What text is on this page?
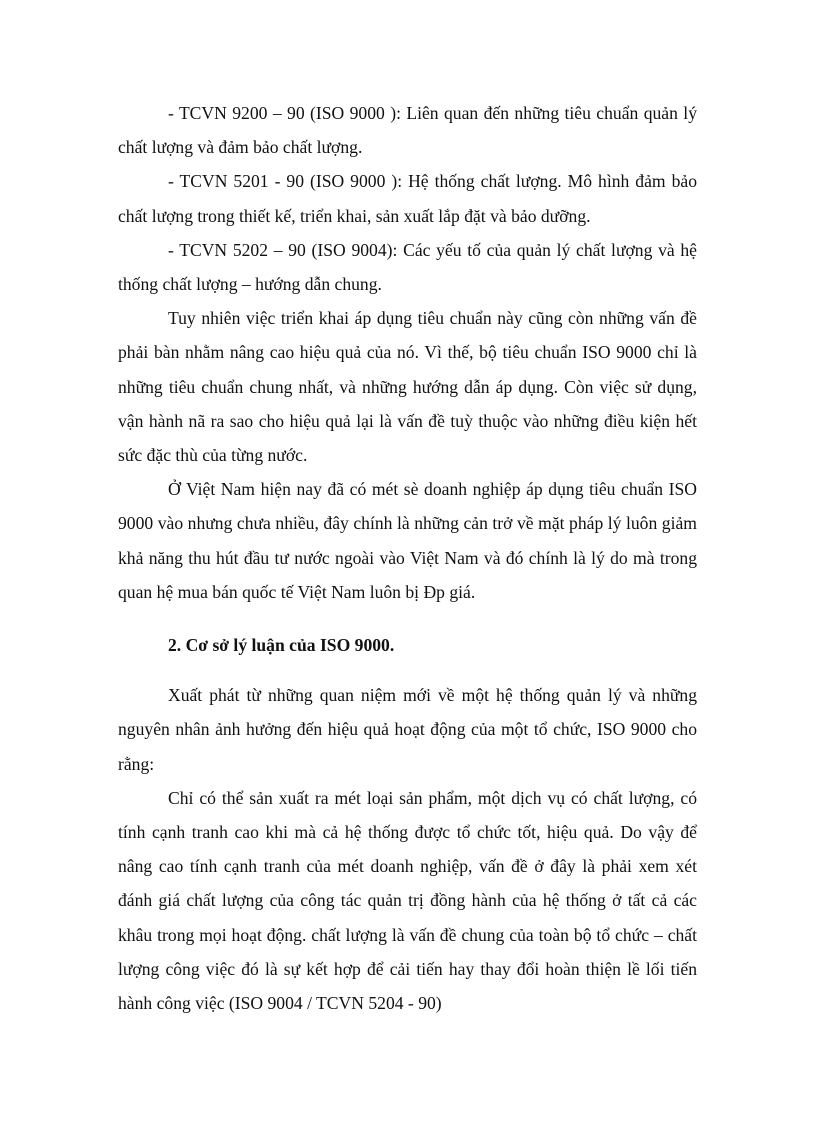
- TCVN 9200 – 90 (ISO 9000 ): Liên quan đến những tiêu chuẩn quản lý chất lượng và đảm bảo chất lượng.

- TCVN 5201 - 90 (ISO 9000 ): Hệ thống chất lượng. Mô hình đảm bảo chất lượng trong thiết kế, triển khai, sản xuất lắp đặt và bảo dưỡng.

- TCVN 5202 – 90 (ISO 9004): Các yếu tố của quản lý chất lượng và hệ thống chất lượng – hướng dẫn chung.

Tuy nhiên việc triển khai áp dụng tiêu chuẩn này cũng còn những vấn đề phải bàn nhằm nâng cao hiệu quả của nó. Vì thế, bộ tiêu chuẩn ISO 9000 chỉ là những tiêu chuẩn chung nhất, và những hướng dẫn áp dụng. Còn việc sử dụng, vận hành nã ra sao cho hiệu quả lại là vấn đề tuỳ thuộc vào những điều kiện hết sức đặc thù của từng nước.

Ở Việt Nam hiện nay đã có mét sè doanh nghiệp áp dụng tiêu chuẩn ISO 9000 vào nhưng chưa nhiều, đây chính là những cản trở về mặt pháp lý luôn giảm khả năng thu hút đầu tư nước ngoài vào Việt Nam và đó chính là lý do mà trong quan hệ mua bán quốc tế Việt Nam luôn bị Ðp giá.

2. Cơ sở lý luận của ISO 9000.

Xuất phát từ những quan niệm mới về một hệ thống quản lý và những nguyên nhân ảnh hưởng đến hiệu quả hoạt động của một tổ chức, ISO 9000 cho rằng:

Chỉ có thể sản xuất ra mét loại sản phẩm, một dịch vụ có chất lượng, có tính cạnh tranh cao khi mà cả hệ thống được tổ chức tốt, hiệu quả. Do vậy để nâng cao tính cạnh tranh của mét doanh nghiệp, vấn đề ở đây là phải xem xét đánh giá chất lượng của công tác quản trị đồng hành của hệ thống ở tất cả các khâu trong mọi hoạt động. chất lượng là vấn đề chung của toàn bộ tổ chức – chất lượng công việc đó là sự kết hợp để cải tiến hay thay đổi hoàn thiện lề lối tiến hành công việc (ISO 9004 / TCVN 5204 - 90)
